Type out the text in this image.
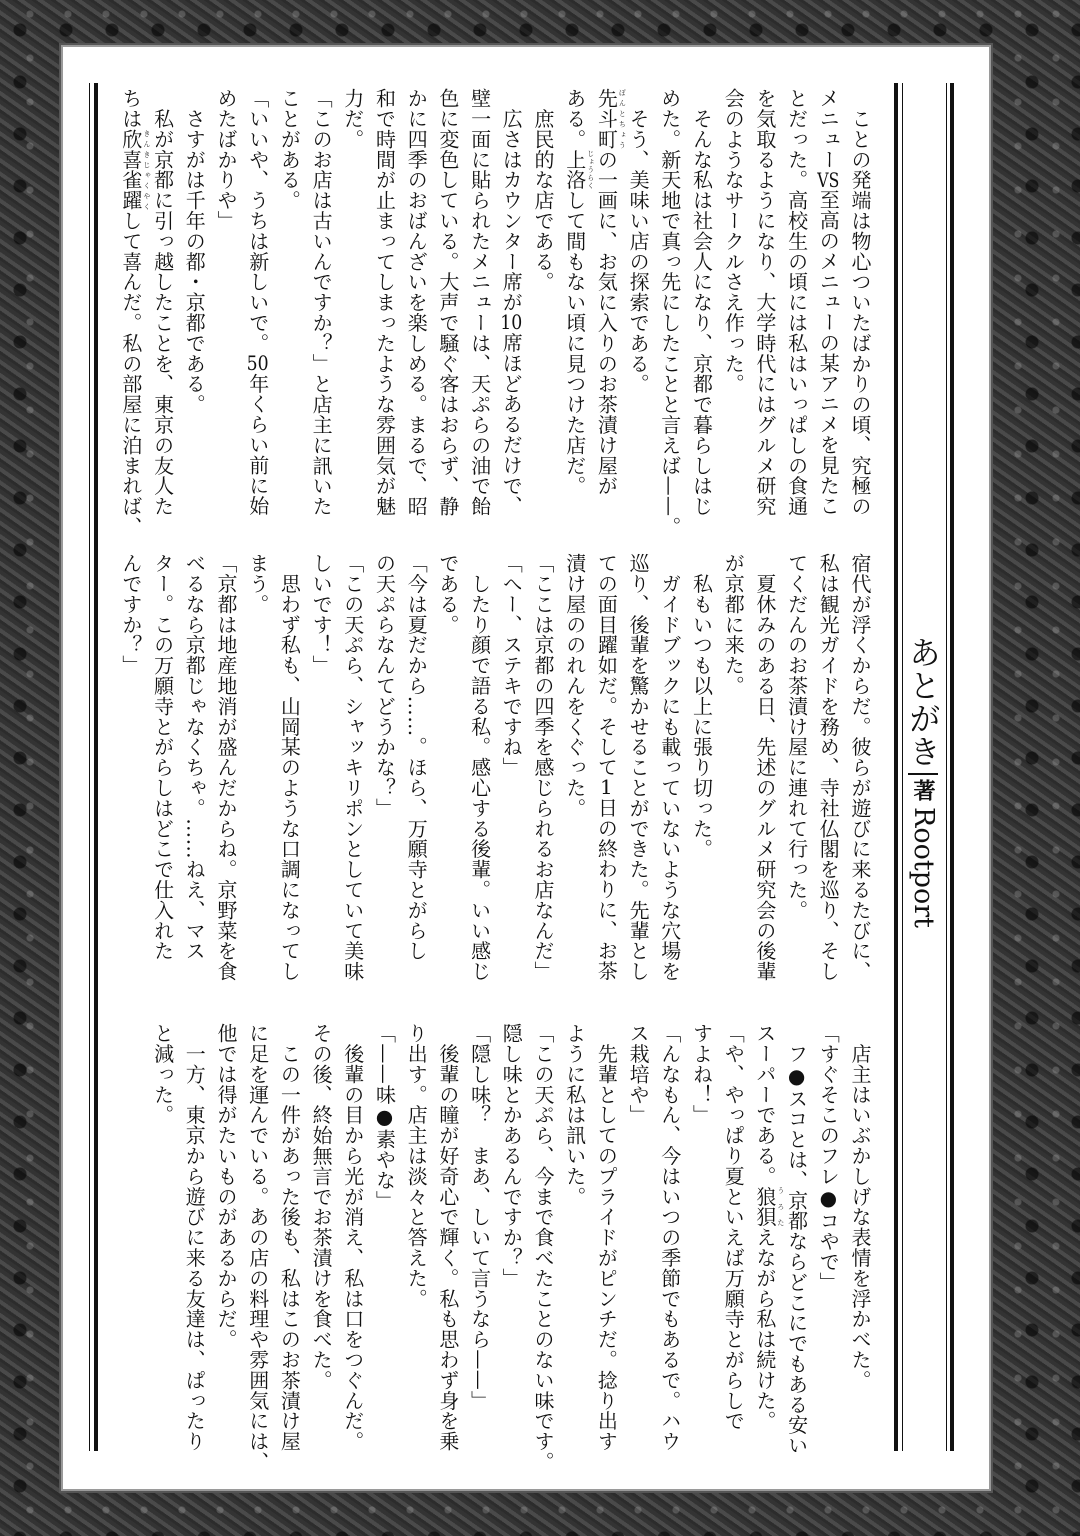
あとがき
著
Rootport
　ことの発端は物心ついたばかりの頃、究極の
メニューVS至高のメニューの某アニメを見たこ
とだった。高校生の頃には私はいっぱしの食通
を気取るようになり、大学時代にはグルメ研究
会のようなサークルさえ作った。
　そんな私は社会人になり、京都で暮らしはじ
めた。新天地で真っ先にしたことと言えば——。
　そう、美味い店の探索である。
先斗町の一画に、お気に入りのお茶漬け屋が
ある。上洛して間もない頃に見つけた店だ。
　庶民的な店である。
　広さはカウンター席が10席ほどあるだけで、
壁一面に貼られたメニューは、天ぷらの油で飴
色に変色している。大声で騒ぐ客はおらず、静
かに四季のおばんざいを楽しめる。まるで、昭
和で時間が止まってしまったような雰囲気が魅
力だ。
「このお店は古いんですか？」と店主に訊いた
ことがある。
「いいや、うちは新しいで。50年くらい前に始
めたばかりや」
　さすがは千年の都・京都である。
　私が京都に引っ越したことを、東京の友人た
ちは欣喜雀躍して喜んだ。私の部屋に泊まれば、	ぽんとちょう
じょうらく
きんきじゃくやく
宿代が浮くからだ。彼らが遊びに来るたびに、
私は観光ガイドを務め、寺社仏閣を巡り、そし
てくだんのお茶漬け屋に連れて行った。
　夏休みのある日、先述のグルメ研究会の後輩
が京都に来た。
　私もいつも以上に張り切った。
　ガイドブックにも載っていないような穴場を
巡り、後輩を驚かせることができた。先輩とし
ての面目躍如だ。そして1日の終わりに、お茶
漬け屋ののれんをくぐった。
「ここは京都の四季を感じられるお店なんだ」
「へー、ステキですね」
　したり顔で語る私。感心する後輩。いい感じ
である。
「今は夏だから……。ほら、万願寺とがらし
の天ぷらなんてどうかな？」
「この天ぷら、シャッキリポンとしていて美味
しいです！」
　思わず私も、山岡某のような口調になってし
まう。
「京都は地産地消が盛んだからね。京野菜を食
べるなら京都じゃなくちゃ。……ねえ、マス
ター。この万願寺とがらしはどこで仕入れた
んですか？」
　店主はいぶかしげな表情を浮かべた。
「すぐそこのフレ●コやで」
　フ●スコとは、京都ならどこにでもある安い
スーパーである。狼狽えながら私は続けた。
「や、やっぱり夏といえば万願寺とがらしで
すよね！」
「んなもん、今はいつの季節でもあるで。ハウ
ス栽培や」
　先輩としてのプライドがピンチだ。捻り出す
ように私は訊いた。
「この天ぷら、今まで食べたことのない味です。
隠し味とかあるんですか？」
「隠し味？　まあ、しいて言うなら——」
　後輩の瞳が好奇心で輝く。私も思わず身を乗
り出す。店主は淡々と答えた。
「——味●素やな」
　後輩の目から光が消え、私は口をつぐんだ。
その後、終始無言でお茶漬けを食べた。
　この一件があった後も、私はこのお茶漬け屋
に足を運んでいる。あの店の料理や雰囲気には、
他では得がたいものがあるからだ。
　一方、東京から遊びに来る友達は、ぱったり
と減った。
うろた
